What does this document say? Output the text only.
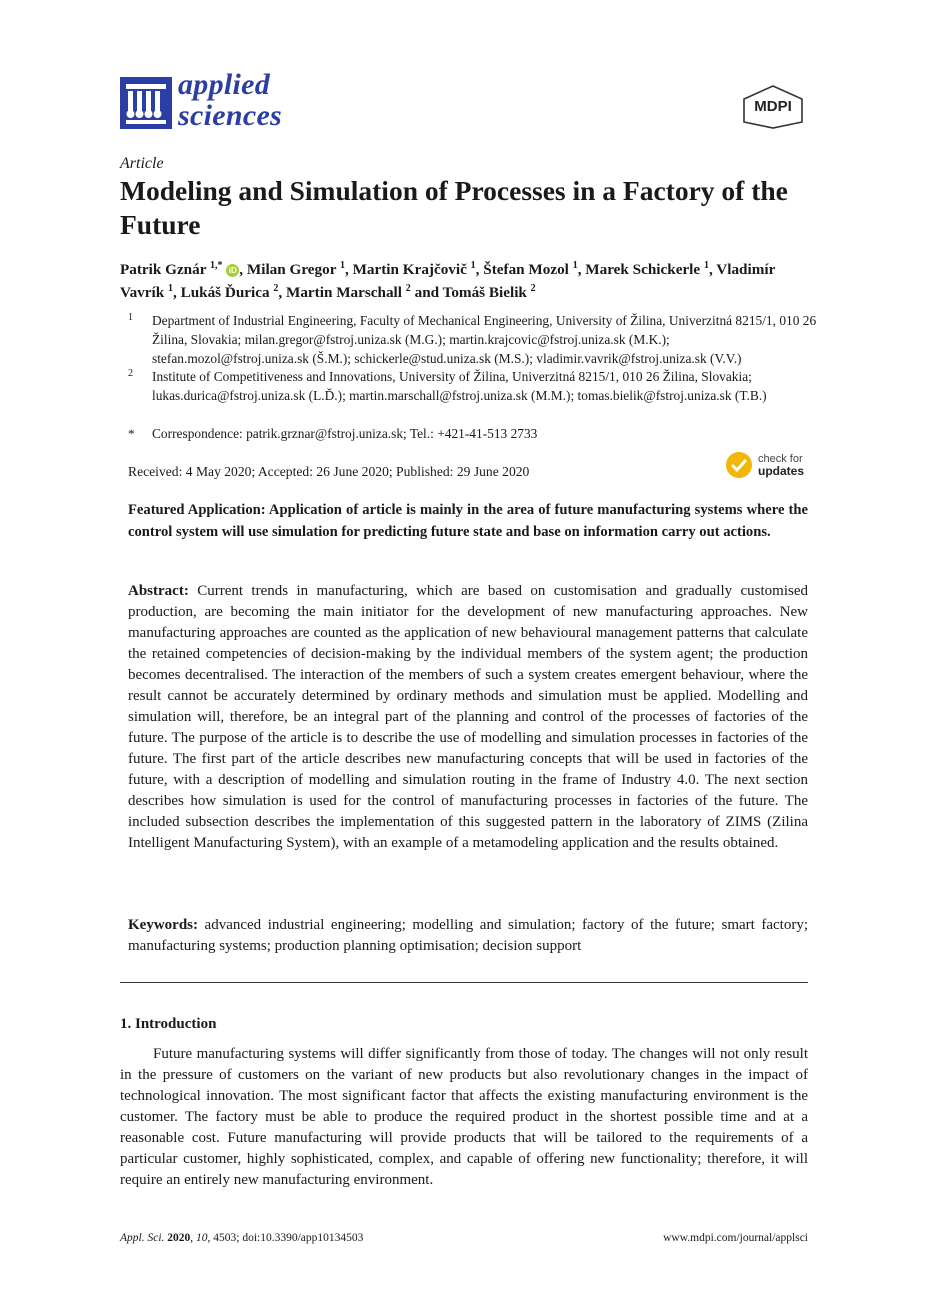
applied
sciences	MDPI
Article
Modeling and Simulation of Processes in a Factory of the Future
Patrik Gznár $^{1,*}$ iD , Milan Gregor $^1$, Martin Krajčovič $^1$, Štefan Mozol $^1$, Marek Schickerle $^1$, Vladimír Vavrík $^1$, Lukáš Ďurica $^2$, Martin Marschall $^2$ and Tomáš Bielik $^2$
1 Department of Industrial Engineering, Faculty of Mechanical Engineering, University of Žilina, Univerzitná 8215/1, 010 26 Žilina, Slovakia; milan.gregor@fstroj.uniza.sk (M.G.); martin.krajcovic@fstroj.uniza.sk (M.K.); stefan.mozol@fstroj.uniza.sk (Š.M.); schickerle@stud.uniza.sk (M.S.); vladimir.vavrik@fstroj.uniza.sk (V.V.)
2 Institute of Competitiveness and Innovations, University of Žilina, Univerzitná 8215/1, 010 26 Žilina, Slovakia; lukas.durica@fstroj.uniza.sk (L.Ď.); martin.marschall@fstroj.uniza.sk (M.M.); tomas.bielik@fstroj.uniza.sk (T.B.)
* Correspondence: patrik.grznar@fstroj.uniza.sk; Tel.: +421-41-513 2733
Received: 4 May 2020; Accepted: 26 June 2020; Published: 29 June 2020
check for
updates
Featured Application: Application of article is mainly in the area of future manufacturing systems where the control system will use simulation for predicting future state and base on information carry out actions.
Abstract: Current trends in manufacturing, which are based on customisation and gradually customised production, are becoming the main initiator for the development of new manufacturing approaches. New manufacturing approaches are counted as the application of new behavioural management patterns that calculate the retained competencies of decision-making by the individual members of the system agent; the production becomes decentralised. The interaction of the members of such a system creates emergent behaviour, where the result cannot be accurately determined by ordinary methods and simulation must be applied. Modelling and simulation will, therefore, be an integral part of the planning and control of the processes of factories of the future. The purpose of the article is to describe the use of modelling and simulation processes in factories of the future. The first part of the article describes new manufacturing concepts that will be used in factories of the future, with a description of modelling and simulation routing in the frame of Industry 4.0. The next section describes how simulation is used for the control of manufacturing processes in factories of the future. The included subsection describes the implementation of this suggested pattern in the laboratory of ZIMS (Zilina Intelligent Manufacturing System), with an example of a metamodeling application and the results obtained.
Keywords: advanced industrial engineering; modelling and simulation; factory of the future; smart factory; manufacturing systems; production planning optimisation; decision support
1. Introduction
Future manufacturing systems will differ significantly from those of today. The changes will not only result in the pressure of customers on the variant of new products but also revolutionary changes in the impact of technological innovation. The most significant factor that affects the existing manufacturing environment is the customer. The factory must be able to produce the required product in the shortest possible time and at a reasonable cost. Future manufacturing will provide products that will be tailored to the requirements of a particular customer, highly sophisticated, complex, and capable of offering new functionality; therefore, it will require an entirely new manufacturing environment.
Appl. Sci. 2020, 10, 4503; doi:10.3390/app10134503	www.mdpi.com/journal/applsci
